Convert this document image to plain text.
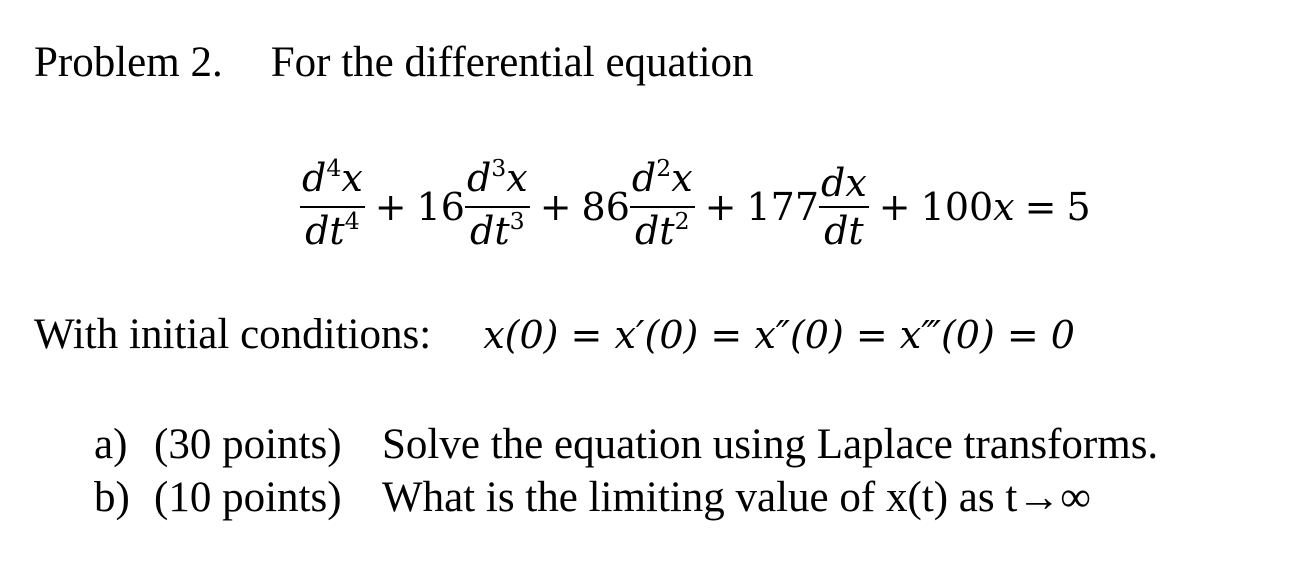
Problem 2. For the differential equation
$\frac{d^4x}{dt^4} + 16 \frac{d^3x}{dt^3} + 86 \frac{d^2x}{dt^2} + 177 \frac{dx}{dt} + 100$ x = 5
With initial conditions: x(0) = x′(0) = x″(0) = x‴(0) = 0
a) (30 points) Solve the equation using Laplace transforms.
b) (10 points) What is the limiting value of x(t) as t→∞
